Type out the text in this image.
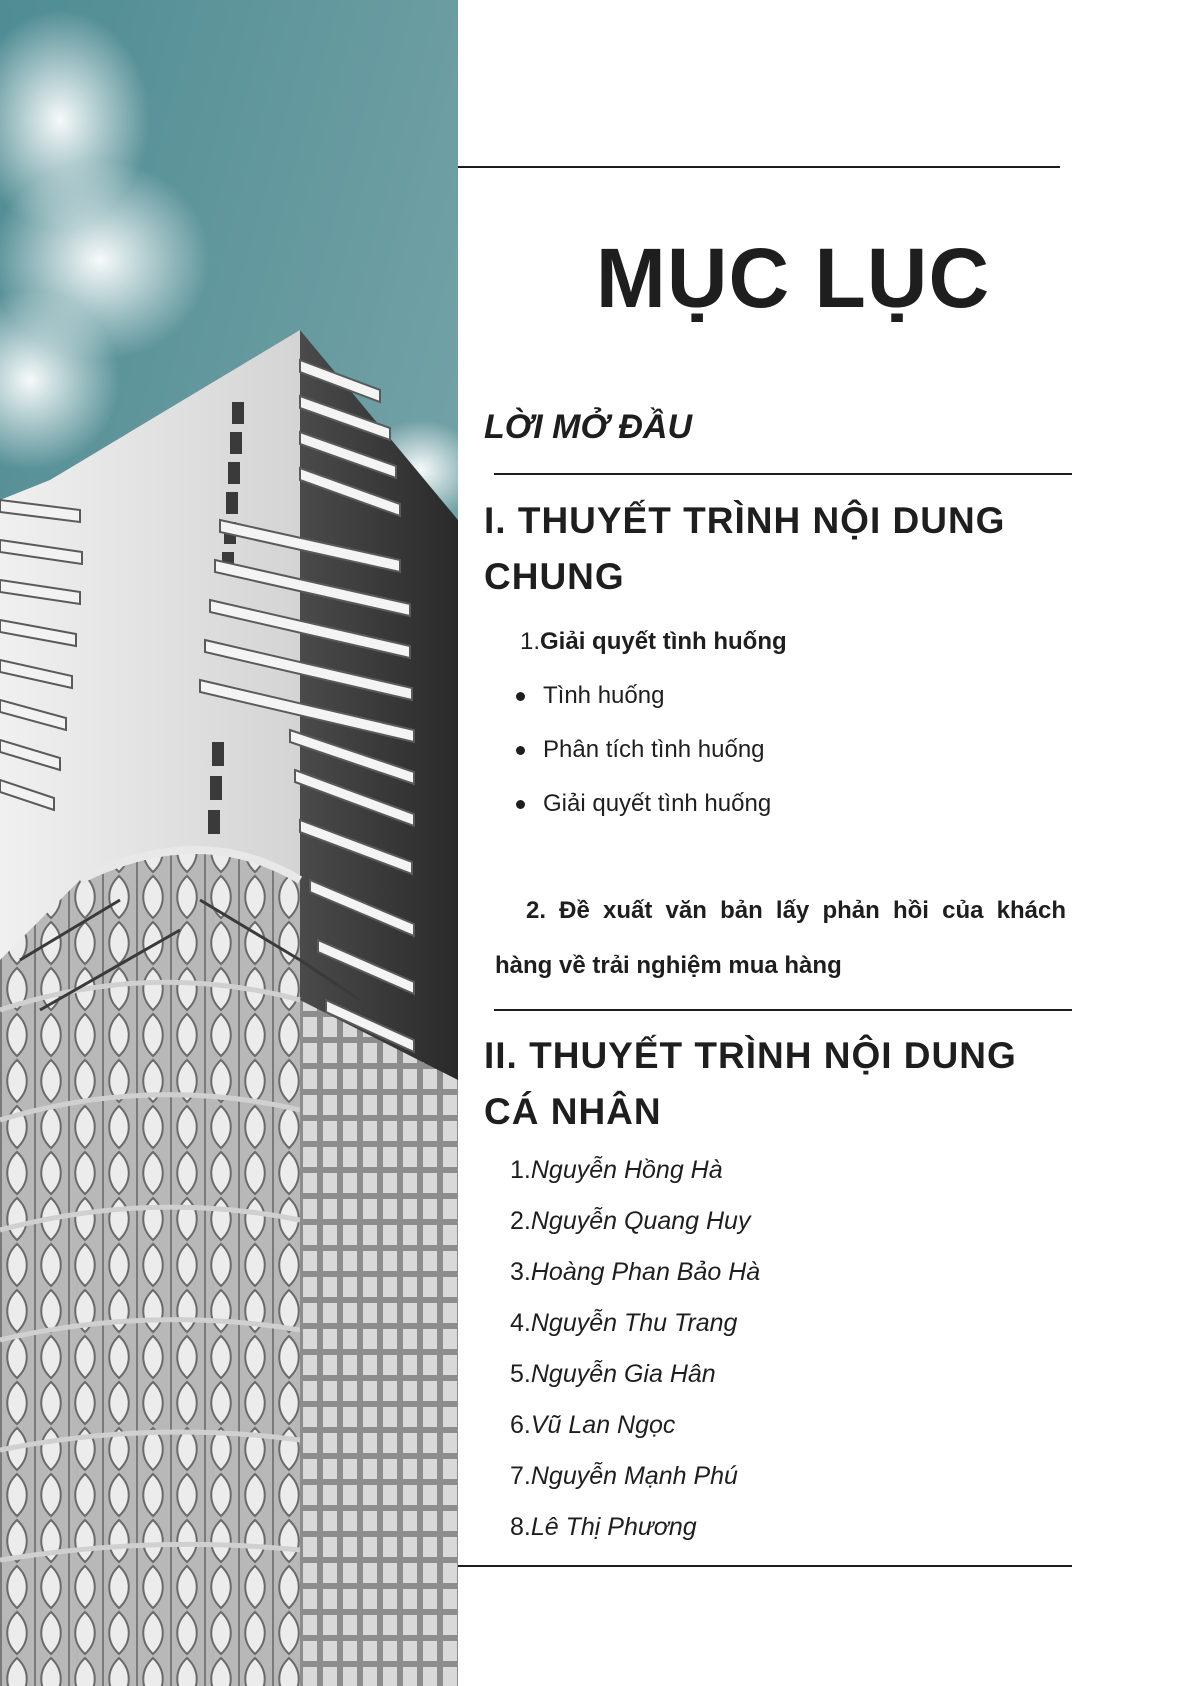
MỤC LỤC
LỜI MỞ ĐẦU
I. THUYẾT TRÌNH NỘI DUNG
CHUNG
1.Giải quyết tình huống
Tình huống
Phân tích tình huống
Giải quyết tình huống
2. Đề xuất văn bản lấy phản hồi của khách
hàng về trải nghiệm mua hàng
II. THUYẾT TRÌNH NỘI DUNG
CÁ NHÂN
1.Nguyễn Hồng Hà
2.Nguyễn Quang Huy
3.Hoàng Phan Bảo Hà
4.Nguyễn Thu Trang
5.Nguyễn Gia Hân
6.Vũ Lan Ngọc
7.Nguyễn Mạnh Phú
8.Lê Thị Phương
